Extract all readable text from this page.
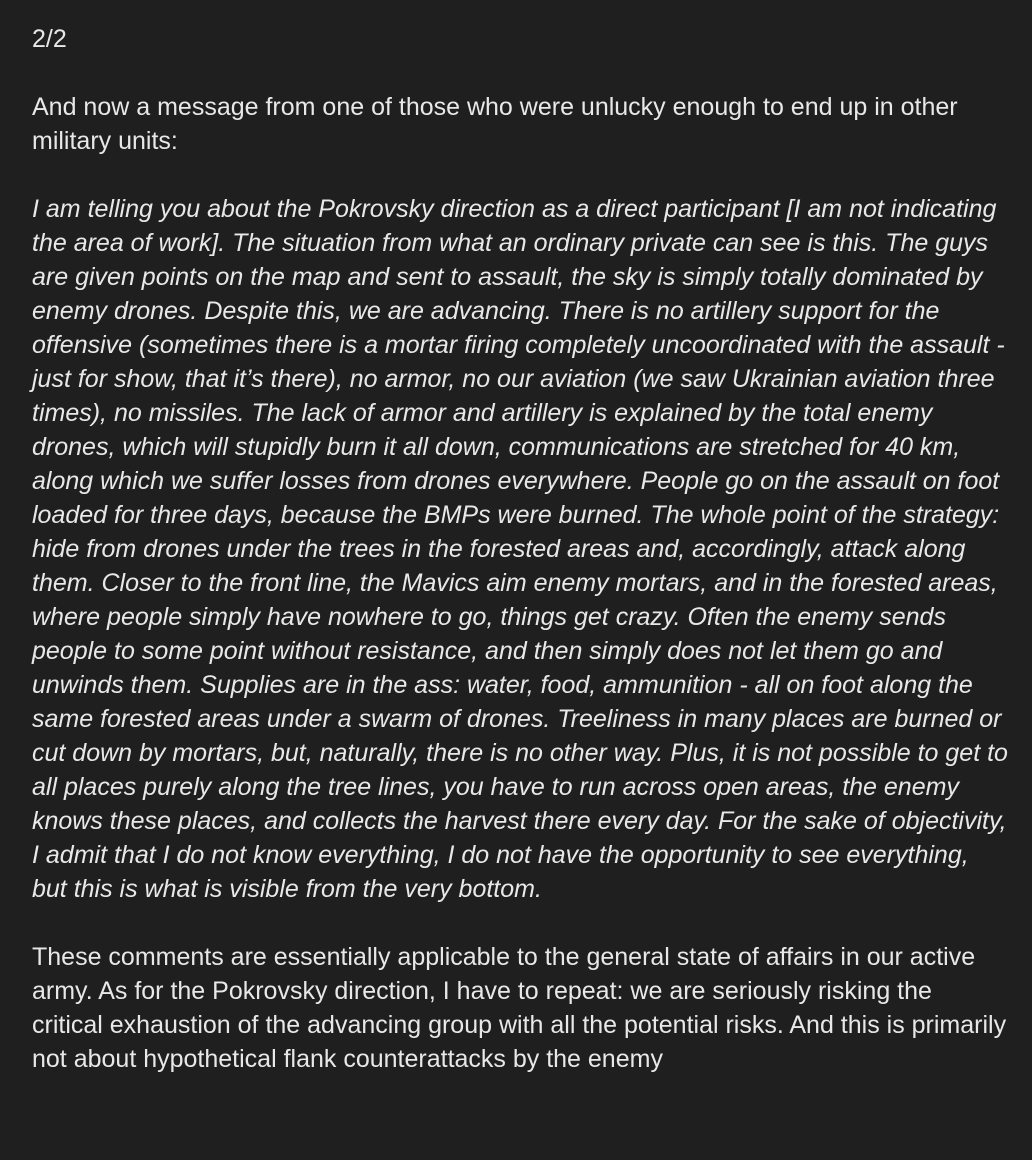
2/2

And now a message from one of those who were unlucky enough to end up in other military units:

I am telling you about the Pokrovsky direction as a direct participant [I am not indicating the area of work]. The situation from what an ordinary private can see is this. The guys are given points on the map and sent to assault, the sky is simply totally dominated by enemy drones. Despite this, we are advancing. There is no artillery support for the offensive (sometimes there is a mortar firing completely uncoordinated with the assault - just for show, that it’s there), no armor, no our aviation (we saw Ukrainian aviation three times), no missiles. The lack of armor and artillery is explained by the total enemy drones, which will stupidly burn it all down, communications are stretched for 40 km, along which we suffer losses from drones everywhere. People go on the assault on foot loaded for three days, because the BMPs were burned. The whole point of the strategy: hide from drones under the trees in the forested areas and, accordingly, attack along them. Closer to the front line, the Mavics aim enemy mortars, and in the forested areas, where people simply have nowhere to go, things get crazy. Often the enemy sends people to some point without resistance, and then simply does not let them go and unwinds them. Supplies are in the ass: water, food, ammunition - all on foot along the same forested areas under a swarm of drones. Treeliness in many places are burned or cut down by mortars, but, naturally, there is no other way. Plus, it is not possible to get to all places purely along the tree lines, you have to run across open areas, the enemy knows these places, and collects the harvest there every day. For the sake of objectivity, I admit that I do not know everything, I do not have the opportunity to see everything, but this is what is visible from the very bottom.

These comments are essentially applicable to the general state of affairs in our active army. As for the Pokrovsky direction, I have to repeat: we are seriously risking the critical exhaustion of the advancing group with all the potential risks. And this is primarily not about hypothetical flank counterattacks by the enemy
